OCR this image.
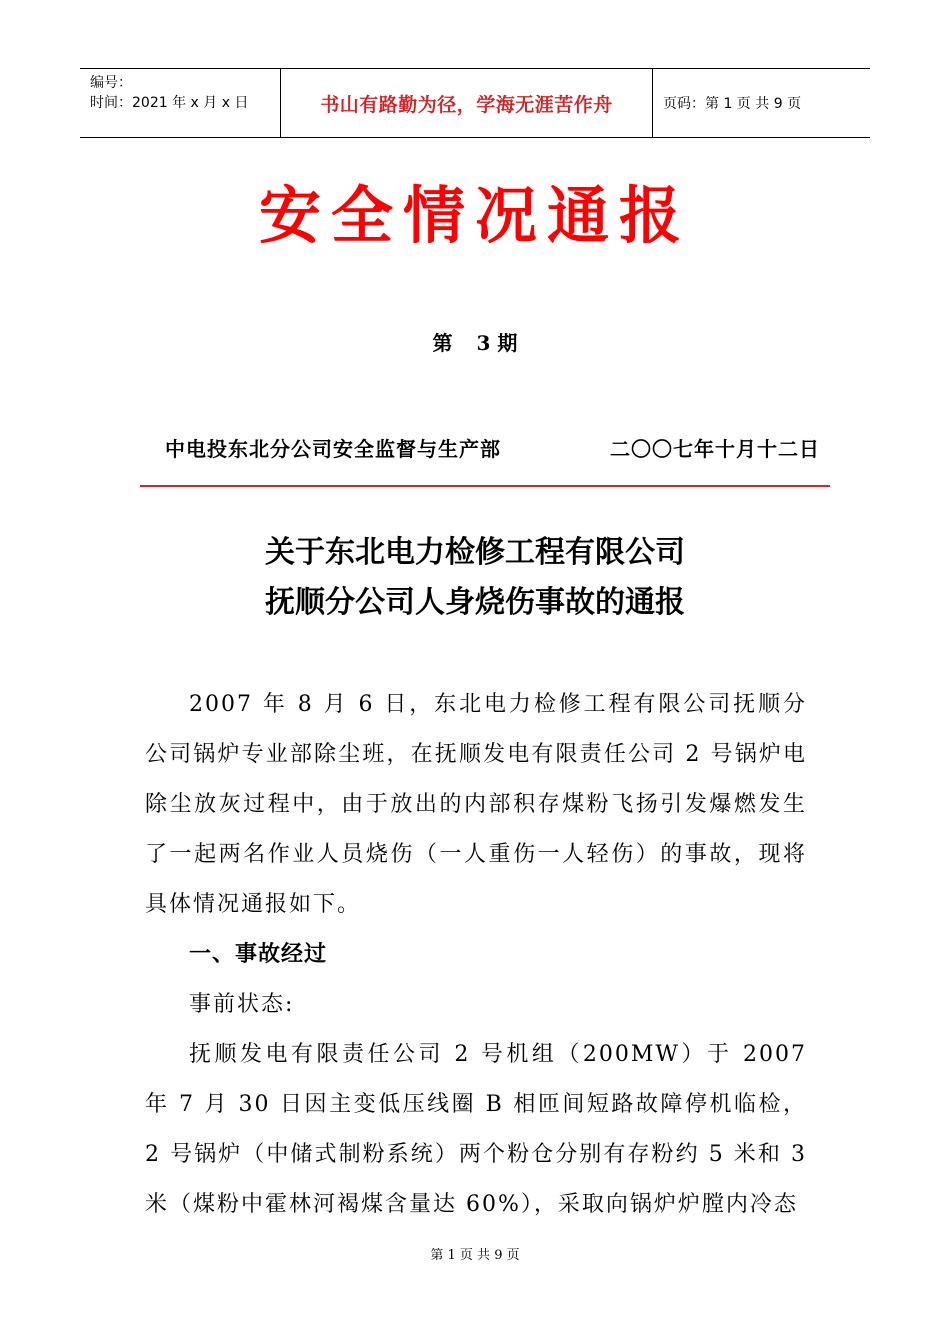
编号：
时间：2021 年 x 月 x 日	书山有路勤为径，学海无涯苦作舟	页码：第 1 页 共 9 页
安全情况通报
第 3 期
中电投东北分公司安全监督与生产部	二〇〇七年十月十二日
关于东北电力检修工程有限公司
抚顺分公司人身烧伤事故的通报

2007 年 8 月 6 日，东北电力检修工程有限公司抚顺分公司锅炉专业部除尘班，在抚顺发电有限责任公司 2 号锅炉电除尘放灰过程中，由于放出的内部积存煤粉飞扬引发爆燃发生了一起两名作业人员烧伤（一人重伤一人轻伤）的事故，现将具体情况通报如下。

一、事故经过

事前状态:

抚顺发电有限责任公司 2 号机组（200MW）于 2007 年 7 月 30 日因主变低压线圈 B 相匝间短路故障停机临检，2 号锅炉（中储式制粉系统）两个粉仓分别有存粉约 5 米和 3 米（煤粉中霍林河褐煤含量达 60%），采取向锅炉炉膛内冷态

第 1 页 共 9 页
